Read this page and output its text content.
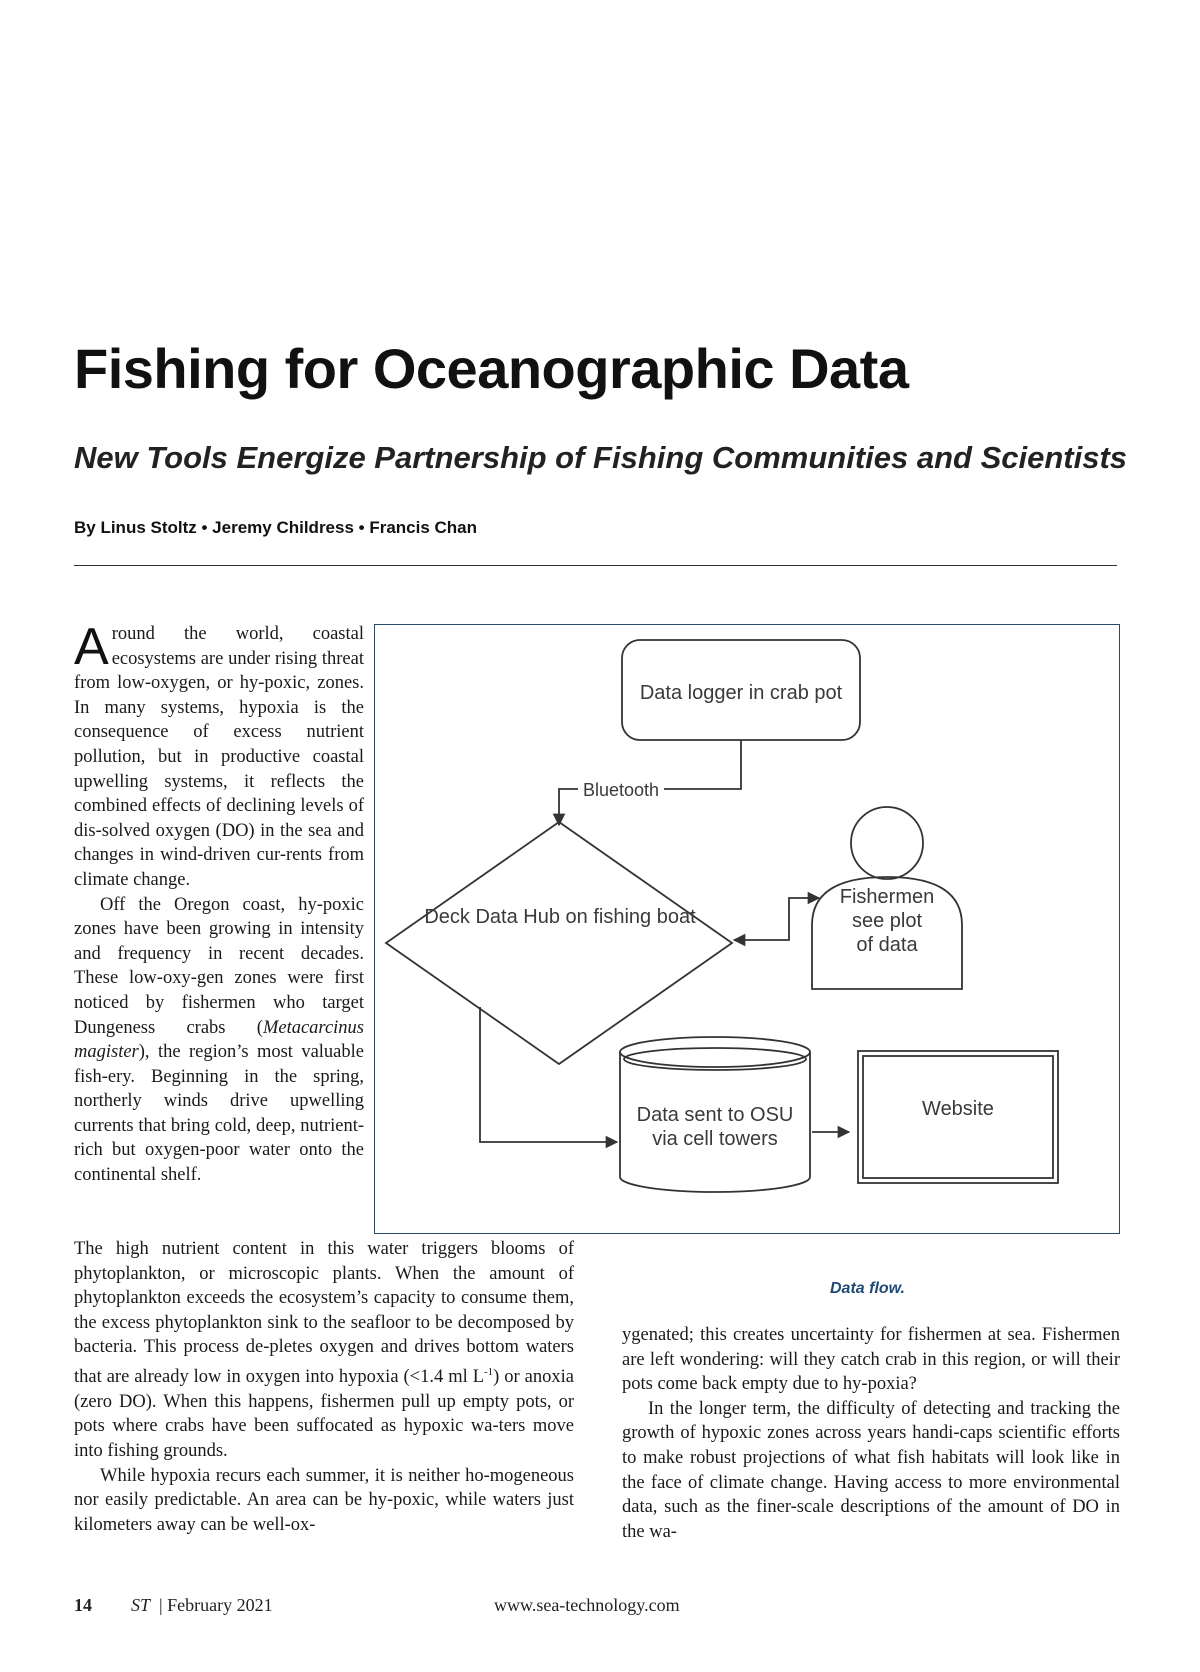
Fishing for Oceanographic Data
New Tools Energize Partnership of Fishing Communities and Scientists
By Linus Stoltz • Jeremy Childress • Francis Chan

Around the world, coastal ecosystems are under rising threat from low-oxygen, or hy-poxic, zones. In many systems, hypoxia is the consequence of excess nutrient pollution, but in productive coastal upwelling systems, it reflects the combined effects of declining levels of dis-solved oxygen (DO) in the sea and changes in wind-driven cur-rents from climate change.

Off the Oregon coast, hy-poxic zones have been growing in intensity and frequency in recent decades. These low-oxy-gen zones were first noticed by fishermen who target Dungeness crabs (Metacarcinus magister), the region’s most valuable fish-ery. Beginning in the spring, northerly winds drive upwelling currents that bring cold, deep, nutrient-rich but oxygen-poor water onto the continental shelf.

The high nutrient content in this water triggers blooms of phytoplankton, or microscopic plants. When the amount of phytoplankton exceeds the ecosystem’s capacity to consume them, the excess phytoplankton sink to the seafloor to be decomposed by bacteria. This process de-pletes oxygen and drives bottom waters that are already low in oxygen into hypoxia (<1.4 ml $L^{-1}$) or anoxia (zero DO). When this happens, fishermen pull up empty pots, or pots where crabs have been suffocated as hypoxic wa-ters move into fishing grounds.

While hypoxia recurs each summer, it is neither ho-mogeneous nor easily predictable. An area can be hy-poxic, while waters just kilometers away can be well-ox-

Data logger in crab pot
Bluetooth
Deck Data Hub on fishing boat
Fishermen
see plot
of data
Data sent to OSU
via cell towers
Website
Data flow.

ygenated; this creates uncertainty for fishermen at sea. Fishermen are left wondering: will they catch crab in this region, or will their pots come back empty due to hy-poxia?

In the longer term, the difficulty of detecting and tracking the growth of hypoxic zones across years handi-caps scientific efforts to make robust projections of what fish habitats will look like in the face of climate change. Having access to more environmental data, such as the finer-scale descriptions of the amount of DO in the wa-

14 ST | February 2021	www.sea-technology.com
